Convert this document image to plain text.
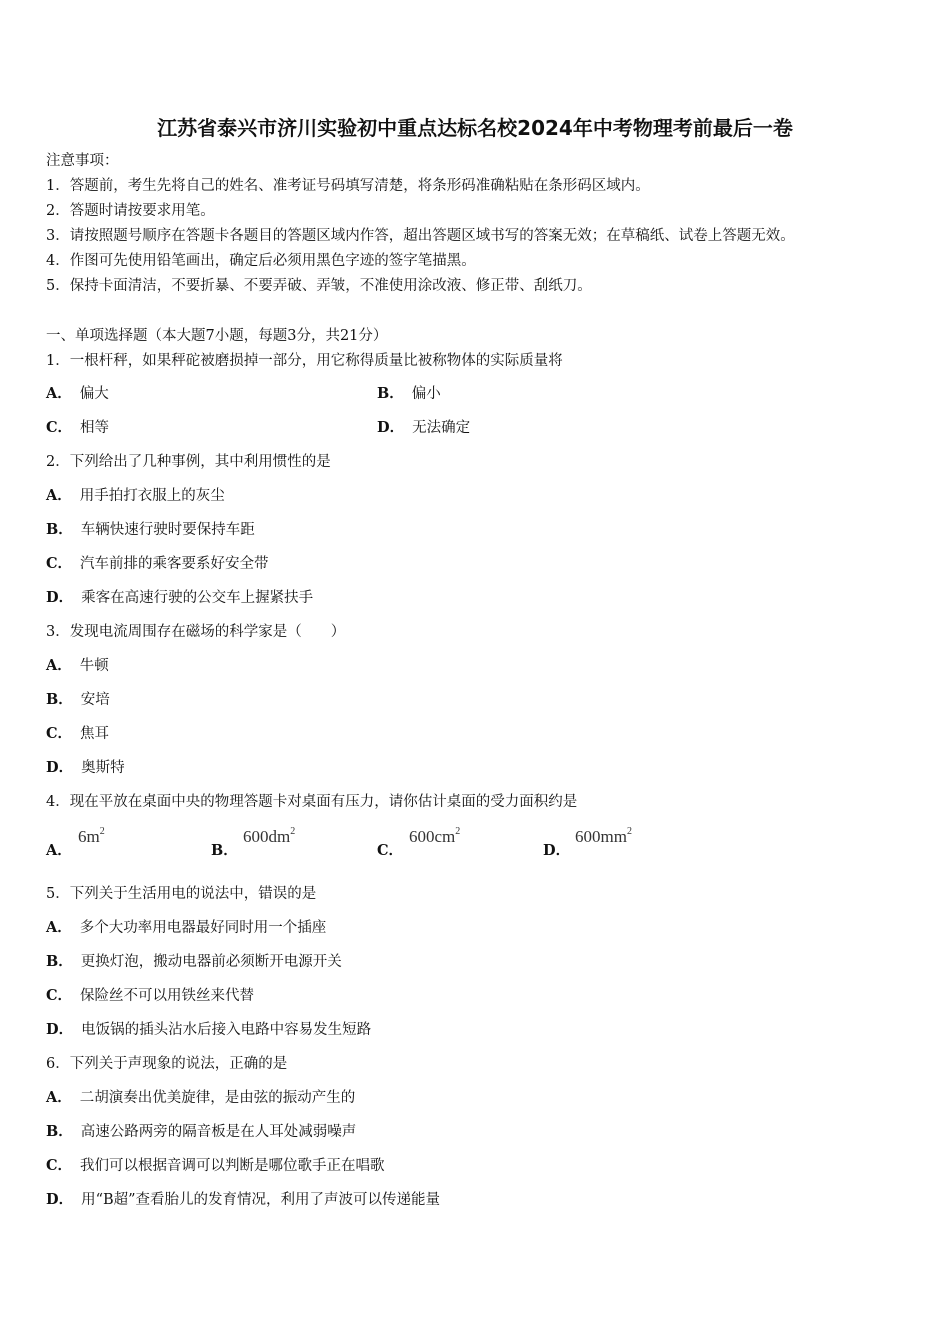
江苏省泰兴市济川实验初中重点达标名校2024年中考物理考前最后一卷
注意事项：
1．答题前，考生先将自己的姓名、准考证号码填写清楚，将条形码准确粘贴在条形码区域内。
2．答题时请按要求用笔。
3．请按照题号顺序在答题卡各题目的答题区域内作答，超出答题区域书写的答案无效；在草稿纸、试卷上答题无效。
4．作图可先使用铅笔画出，确定后必须用黑色字迹的签字笔描黑。
5．保持卡面清洁，不要折暴、不要弄破、弄皱，不准使用涂改液、修正带、刮纸刀。
一、单项选择题（本大题7小题，每题3分，共21分）
1．一根杆秤，如果秤砣被磨损掉一部分，用它称得质量比被称物体的实际质量将
A． 偏大	B． 偏小
C． 相等	D． 无法确定
2．下列给出了几种事例，其中利用惯性的是
A． 用手拍打衣服上的灰尘
B． 车辆快速行驶时要保持车距
C． 汽车前排的乘客要系好安全带
D． 乘客在高速行驶的公交车上握紧扶手
3．发现电流周围存在磁场的科学家是（　　）
A． 牛顿
B． 安培
C． 焦耳
D． 奥斯特
4．现在平放在桌面中央的物理答题卡对桌面有压力，请你估计桌面的受力面积约是
A．
$6m^2$
B．
$600dm^2$
C．
$600cm^2$
D．
$600mm^2$
5．下列关于生活用电的说法中，错误的是
A． 多个大功率用电器最好同时用一个插座
B． 更换灯泡，搬动电器前必须断开电源开关
C． 保险丝不可以用铁丝来代替
D． 电饭锅的插头沾水后接入电路中容易发生短路
6．下列关于声现象的说法，正确的是
A． 二胡演奏出优美旋律，是由弦的振动产生的
B． 高速公路两旁的隔音板是在人耳处减弱噪声
C． 我们可以根据音调可以判断是哪位歌手正在唱歌
D． 用“B超”查看胎儿的发育情况，利用了声波可以传递能量
